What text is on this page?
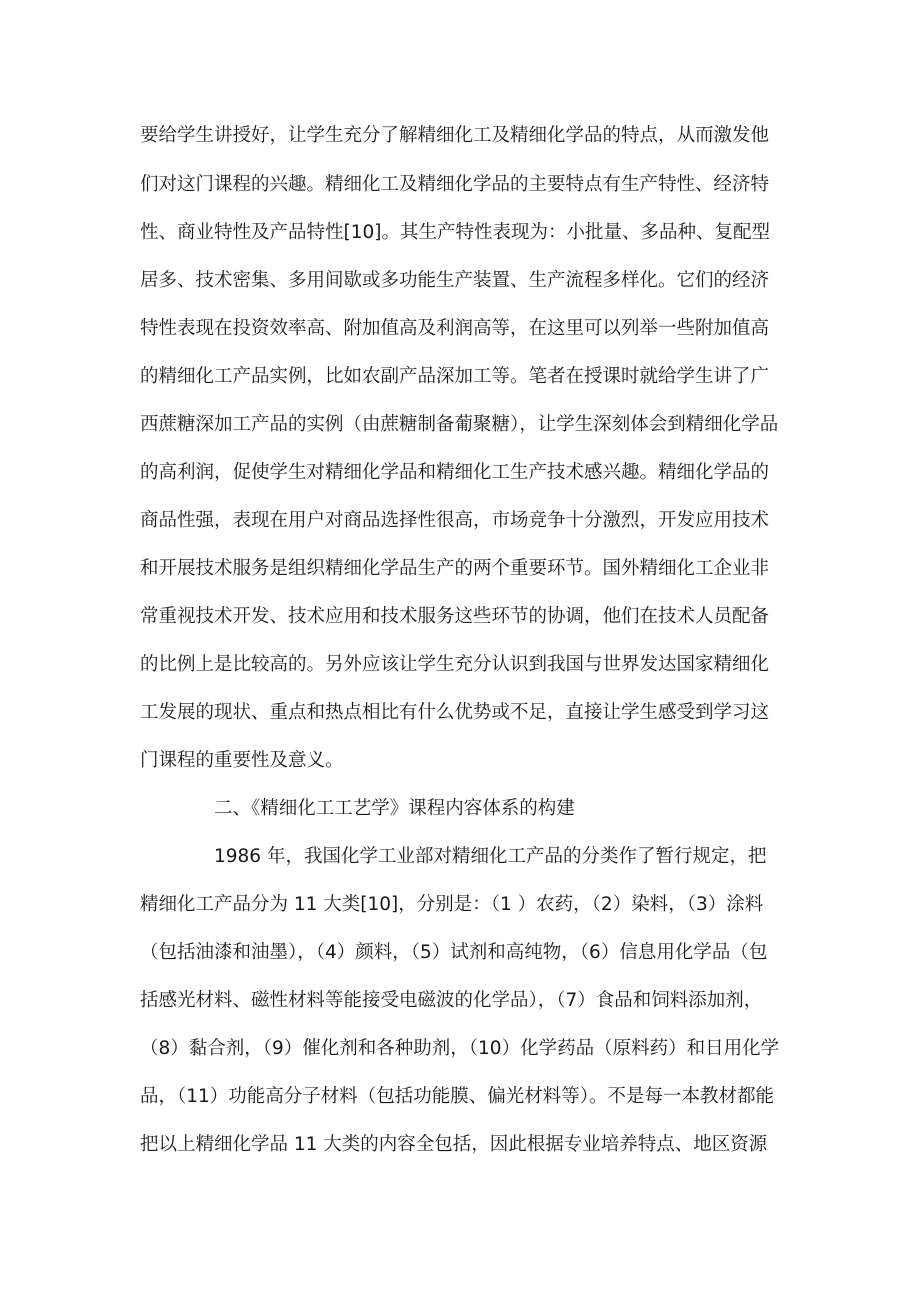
要给学生讲授好，让学生充分了解精细化工及精细化学品的特点，从而激发他
们对这门课程的兴趣。精细化工及精细化学品的主要特点有生产特性、经济特
性、商业特性及产品特性[10]。其生产特性表现为：小批量、多品种、复配型
居多、技术密集、多用间歇或多功能生产装置、生产流程多样化。它们的经济
特性表现在投资效率高、附加值高及利润高等，在这里可以列举一些附加值高
的精细化工产品实例，比如农副产品深加工等。笔者在授课时就给学生讲了广
西蔗糖深加工产品的实例（由蔗糖制备葡聚糖），让学生深刻体会到精细化学品
的高利润，促使学生对精细化学品和精细化工生产技术感兴趣。精细化学品的
商品性强，表现在用户对商品选择性很高，市场竞争十分激烈，开发应用技术
和开展技术服务是组织精细化学品生产的两个重要环节。国外精细化工企业非
常重视技术开发、技术应用和技术服务这些环节的协调，他们在技术人员配备
的比例上是比较高的。另外应该让学生充分认识到我国与世界发达国家精细化
工发展的现状、重点和热点相比有什么优势或不足，直接让学生感受到学习这
门课程的重要性及意义。
二、《精细化工工艺学》课程内容体系的构建
1986 年，我国化学工业部对精细化工产品的分类作了暂行规定，把
精细化工产品分为 11 大类[10]，分别是：（1 ）农药，（2）染料，（3）涂料
（包括油漆和油墨），（4）颜料，（5）试剂和高纯物，（6）信息用化学品（包
括感光材料、磁性材料等能接受电磁波的化学品），（7）食品和饲料添加剂，
（8）黏合剂，（9）催化剂和各种助剂，（10）化学药品（原料药）和日用化学
品，（11）功能高分子材料（包括功能膜、偏光材料等）。不是每一本教材都能
把以上精细化学品 11 大类的内容全包括，因此根据专业培养特点、地区资源
